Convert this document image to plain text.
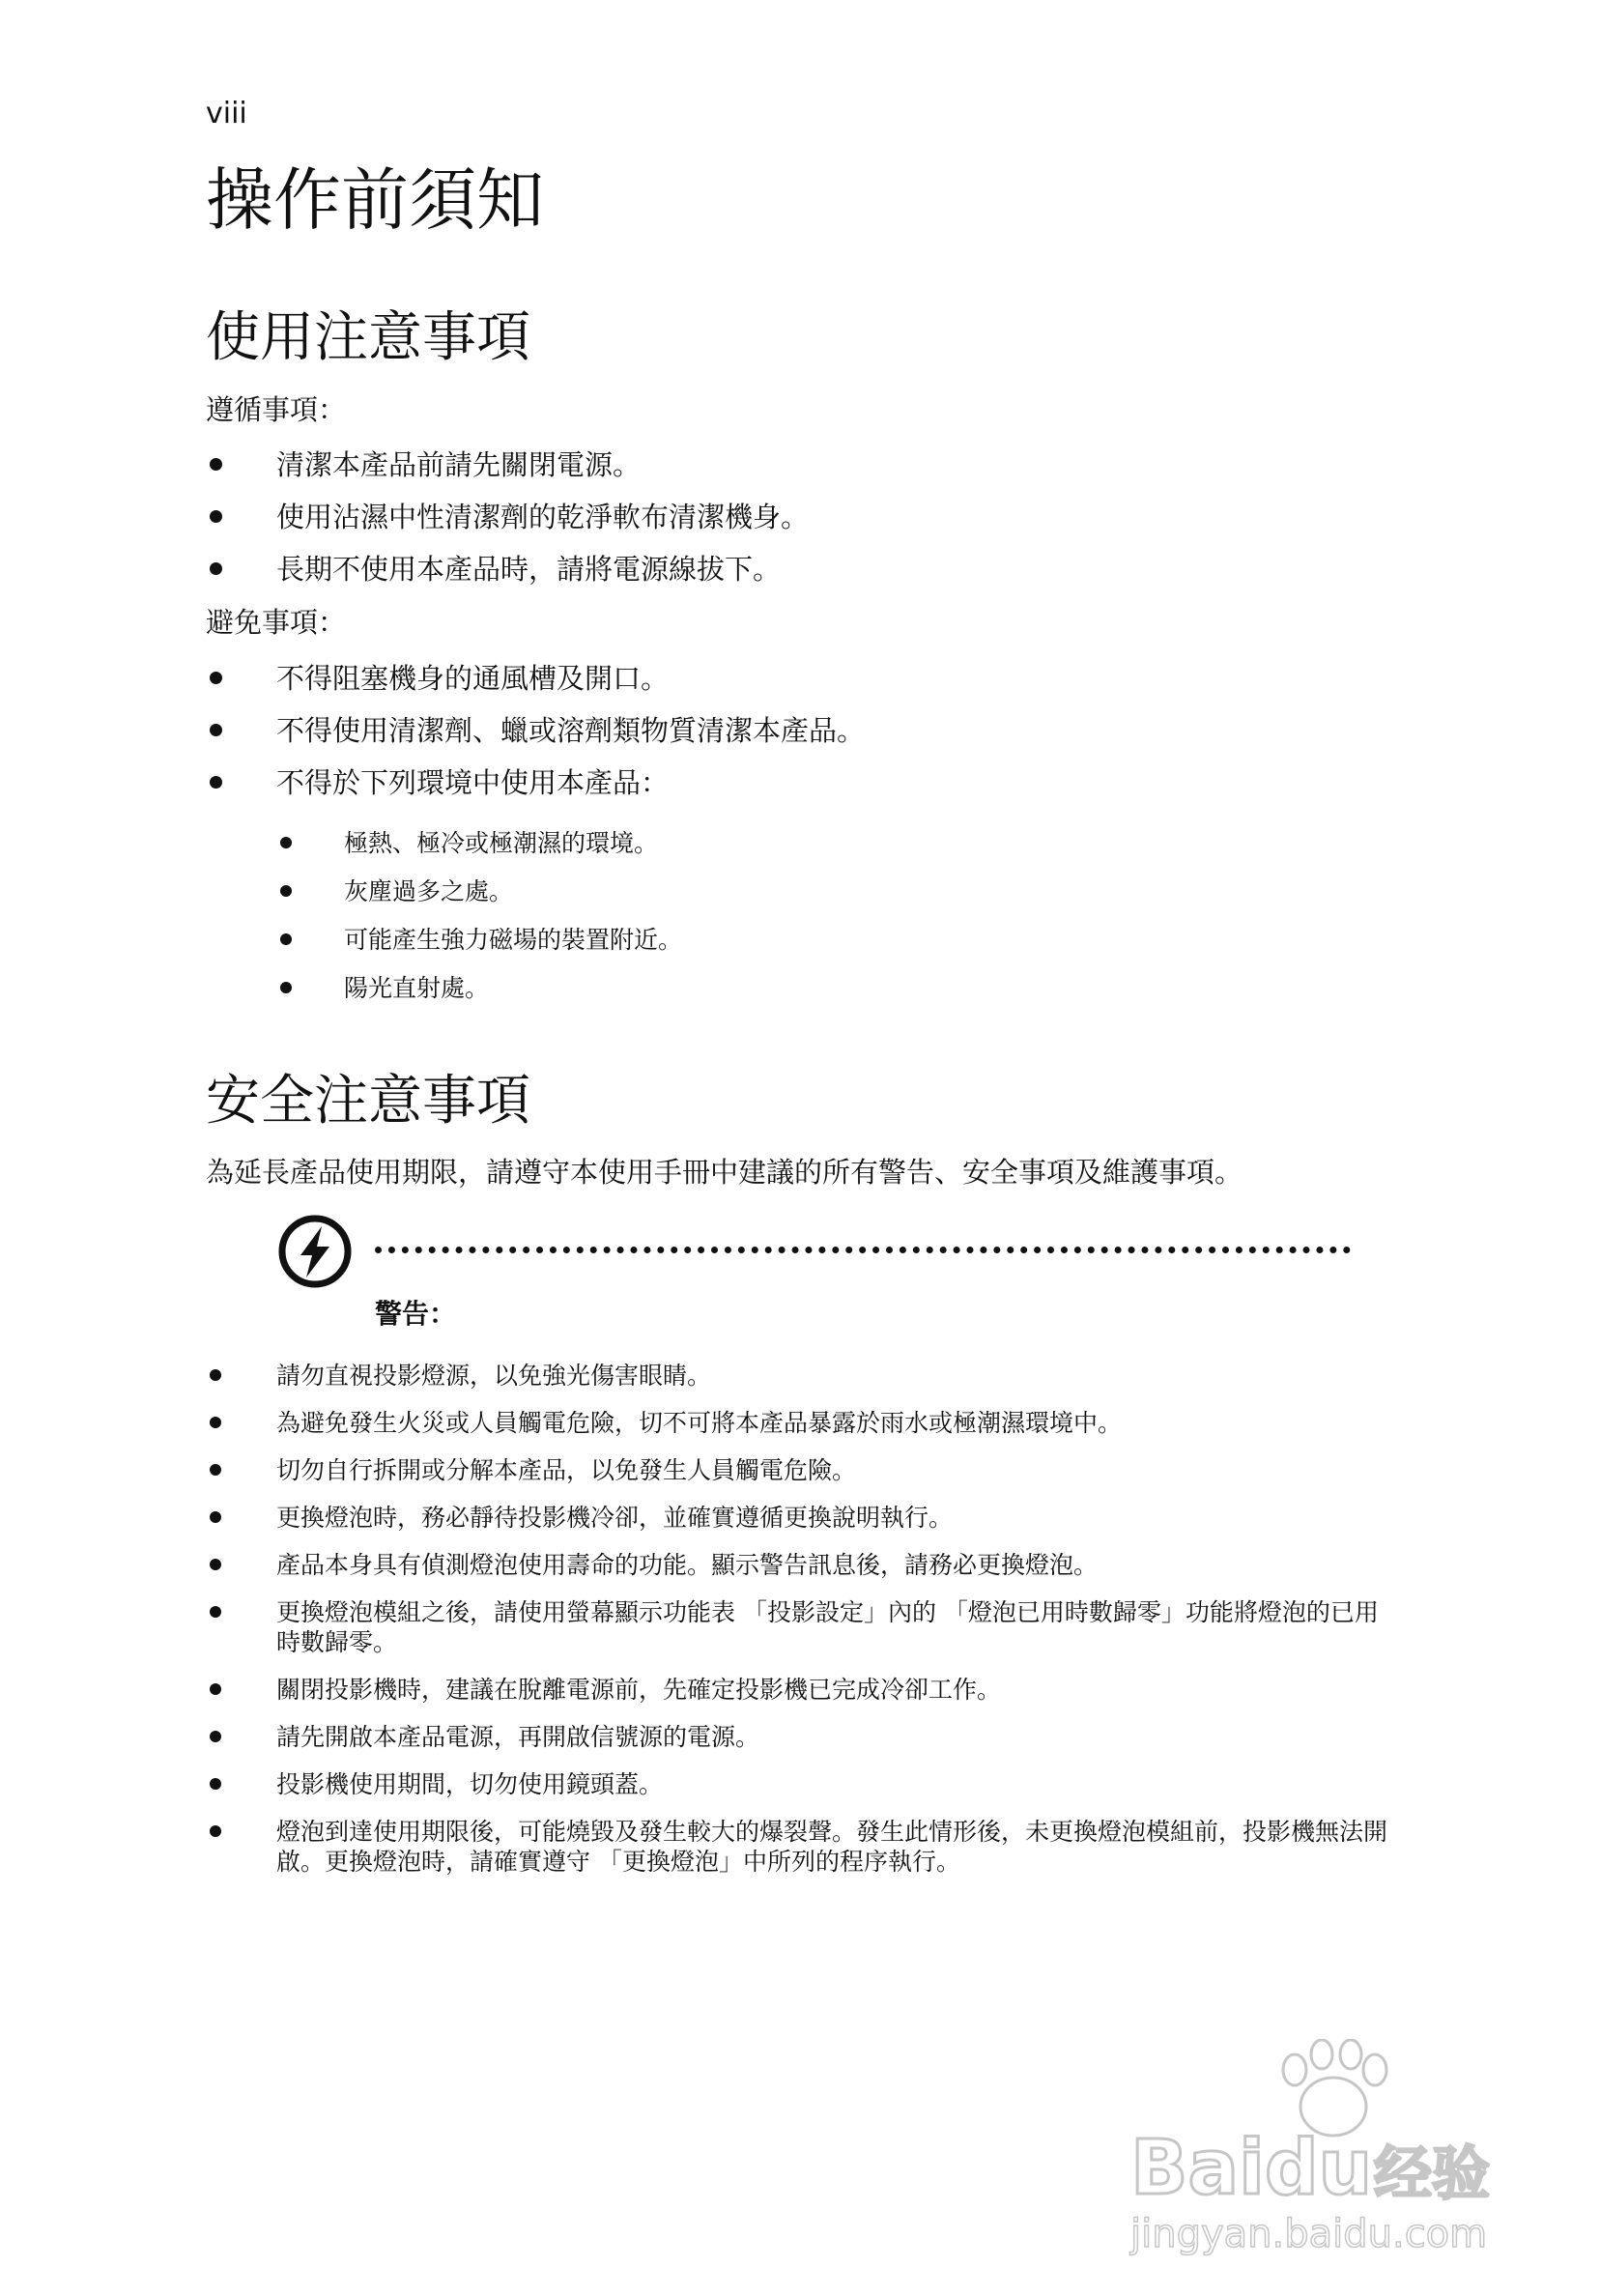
viii
操作前須知
使用注意事項
遵循事項：
清潔本產品前請先關閉電源。
使用沾濕中性清潔劑的乾淨軟布清潔機身。
長期不使用本產品時，請將電源線拔下。
避免事項：
不得阻塞機身的通風槽及開口。
不得使用清潔劑、蠟或溶劑類物質清潔本產品。
不得於下列環境中使用本產品：
極熱、極冷或極潮濕的環境。
灰塵過多之處。
可能產生強力磁場的裝置附近。
陽光直射處。
安全注意事項
為延長產品使用期限，請遵守本使用手冊中建議的所有警告、安全事項及維護事項。
警告：
請勿直視投影燈源，以免強光傷害眼睛。
為避免發生火災或人員觸電危險，切不可將本產品暴露於雨水或極潮濕環境中。
切勿自行拆開或分解本產品，以免發生人員觸電危險。
更換燈泡時，務必靜待投影機冷卻，並確實遵循更換說明執行。
產品本身具有偵測燈泡使用壽命的功能。顯示警告訊息後，請務必更換燈泡。
更換燈泡模組之後，請使用螢幕顯示功能表 「投影設定」內的 「燈泡已用時數歸零」功能將燈泡的已用時數歸零。
關閉投影機時，建議在脫離電源前，先確定投影機已完成冷卻工作。
請先開啟本產品電源，再開啟信號源的電源。
投影機使用期間，切勿使用鏡頭蓋。
燈泡到達使用期限後，可能燒毀及發生較大的爆裂聲。發生此情形後，未更換燈泡模組前，投影機無法開啟。更換燈泡時，請確實遵守 「更換燈泡」中所列的程序執行。
Baidu 经验
jingyan.baidu.com
